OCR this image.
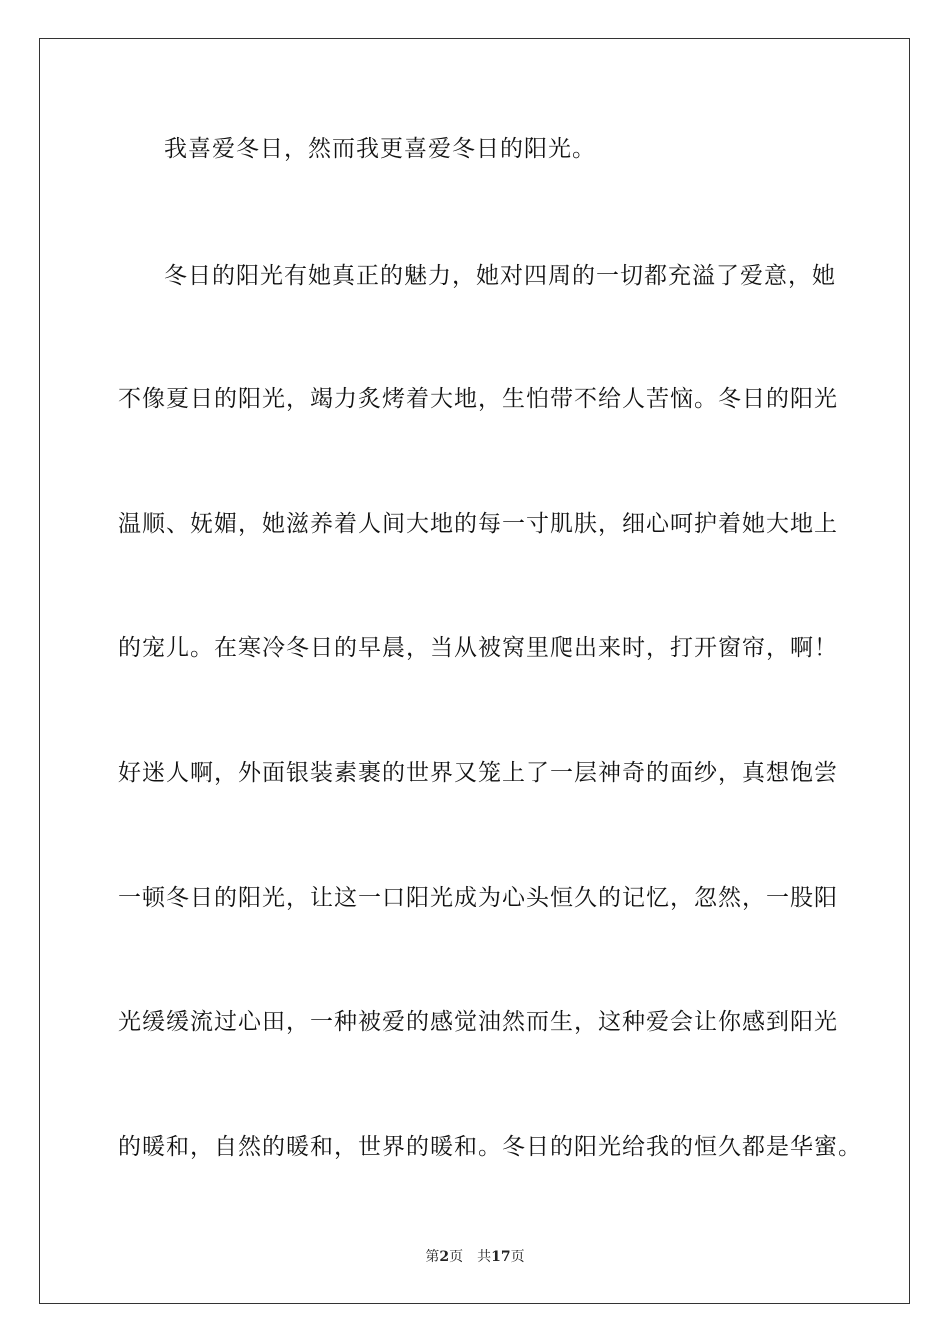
我喜爱冬日，然而我更喜爱冬日的阳光。
冬日的阳光有她真正的魅力，她对四周的一切都充溢了爱意，她
不像夏日的阳光，竭力炙烤着大地，生怕带不给人苦恼。冬日的阳光
温顺、妩媚，她滋养着人间大地的每一寸肌肤，细心呵护着她大地上
的宠儿。在寒冷冬日的早晨，当从被窝里爬出来时，打开窗帘，啊！
好迷人啊，外面银装素裹的世界又笼上了一层神奇的面纱，真想饱尝
一顿冬日的阳光，让这一口阳光成为心头恒久的记忆，忽然，一股阳
光缓缓流过心田，一种被爱的感觉油然而生，这种爱会让你感到阳光
的暖和，自然的暖和，世界的暖和。冬日的阳光给我的恒久都是华蜜。
第2页 共17页
